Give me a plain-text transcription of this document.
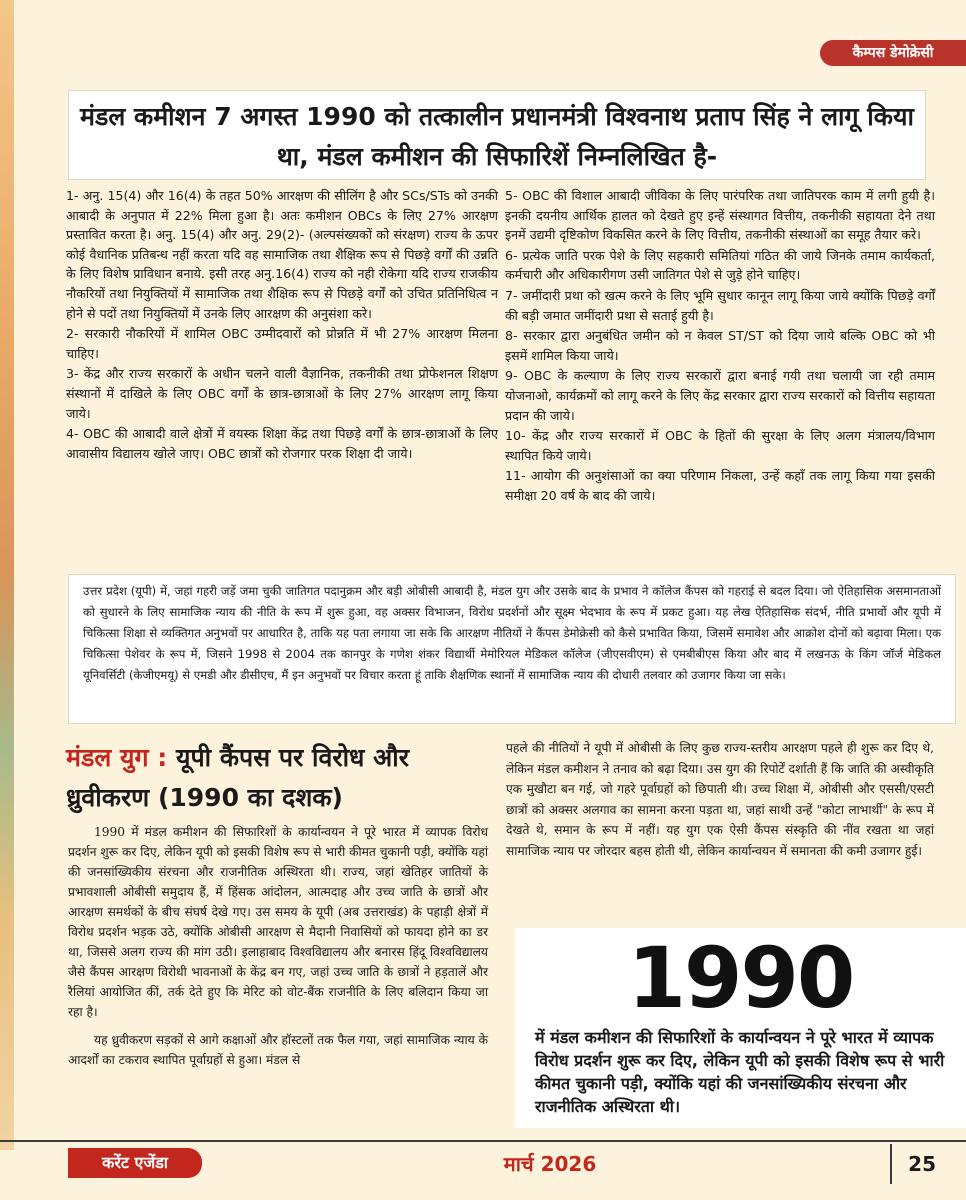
कैम्पस डेमोक्रेसी
मंडल कमीशन 7 अगस्त 1990 को तत्कालीन प्रधानमंत्री विश्वनाथ प्रताप सिंह ने लागू किया था, मंडल कमीशन की सिफारिशें निम्नलिखित है-

1- अनु. 15(4) और 16(4) के तहत 50% आरक्षण की सीलिंग है और SCs/STs को उनकी आबादी के अनुपात में 22% मिला हुआ है। अतः कमीशन OBCs के लिए 27% आरक्षण प्रस्तावित करता है। अनु. 15(4) और अनु. 29(2)- (अल्पसंख्यकों को संरक्षण) राज्य के ऊपर कोई वैधानिक प्रतिबन्ध नहीं करता यदि वह सामाजिक तथा शैक्षिक रूप से पिछड़े वर्गों की उन्नति के लिए विशेष प्राविधान बनाये. इसी तरह अनु.16(4) राज्य को नही रोकेगा यदि राज्य राजकीय नौकरियों तथा नियुक्तियों में सामाजिक तथा शैक्षिक रूप से पिछड़े वर्गों को उचित प्रतिनिधित्व न होने से पदों तथा नियुक्तियों में उनके लिए आरक्षण की अनुसंशा करे।

2- सरकारी नौकरियों में शामिल OBC उम्मीदवारों को प्रोन्नति में भी 27% आरक्षण मिलना चाहिए।

3- केंद्र और राज्य सरकारों के अधीन चलने वाली वैज्ञानिक, तकनीकी तथा प्रोफेशनल शिक्षण संस्थानों में दाखिले के लिए OBC वर्गों के छात्र-छात्राओं के लिए 27% आरक्षण लागू किया जाये।

4- OBC की आबादी वाले क्षेत्रों में वयस्क शिक्षा केंद्र तथा पिछड़े वर्गों के छात्र-छात्राओं के लिए आवासीय विद्यालय खोले जाए। OBC छात्रों को रोजगार परक शिक्षा दी जाये।

5- OBC की विशाल आबादी जीविका के लिए पारंपरिक तथा जातिपरक काम में लगी हुयी है। इनकी दयनीय आर्थिक हालत को देखते हुए इन्हें संस्थागत वित्तीय, तकनीकी सहायता देने तथा इनमें उद्यमी दृष्टिकोण विकसित करने के लिए वित्तीय, तकनीकी संस्थाओं का समूह तैयार करे।

6- प्रत्येक जाति परक पेशे के लिए सहकारी समितियां गठित की जाये जिनके तमाम कार्यकर्ता, कर्मचारी और अधिकारीगण उसी जातिगत पेशे से जुड़े होने चाहिए।

7- जमींदारी प्रथा को खत्म करने के लिए भूमि सुधार कानून लागू किया जाये क्योंकि पिछड़े वर्गों की बड़ी जमात जमींदारी प्रथा से सताई हुयी है।

8- सरकार द्वारा अनुबंधित जमीन को न केवल ST/ST को दिया जाये बल्कि OBC को भी इसमें शामिल किया जाये।

9- OBC के कल्याण के लिए राज्य सरकारों द्वारा बनाई गयी तथा चलायी जा रही तमाम योजनाओ, कार्यक्रमों को लागू करने के लिए केंद्र सरकार द्वारा राज्य सरकारों को वित्तीय सहायता प्रदान की जाये।

10- केंद्र और राज्य सरकारों में OBC के हितों की सुरक्षा के लिए अलग मंत्रालय/विभाग स्थापित किये जाये।

11- आयोग की अनुशंसाओं का क्या परिणाम निकला, उन्हें कहाँ तक लागू किया गया इसकी समीक्षा 20 वर्ष के बाद की जाये।

उत्तर प्रदेश (यूपी) में, जहां गहरी जड़ें जमा चुकी जातिगत पदानुक्रम और बड़ी ओबीसी आबादी है, मंडल युग और उसके बाद के प्रभाव ने कॉलेज कैंपस को गहराई से बदल दिया। जो ऐतिहासिक असमानताओं को सुधारने के लिए सामाजिक न्याय की नीति के रूप में शुरू हुआ, वह अक्सर विभाजन, विरोध प्रदर्शनों और सूक्ष्म भेदभाव के रूप में प्रकट हुआ। यह लेख ऐतिहासिक संदर्भ, नीति प्रभावों और यूपी में चिकित्सा शिक्षा से व्यक्तिगत अनुभवों पर आधारित है, ताकि यह पता लगाया जा सके कि आरक्षण नीतियों ने कैंपस डेमोक्रेसी को कैसे प्रभावित किया, जिसमें समावेश और आक्रोश दोनों को बढ़ावा मिला। एक चिकित्सा पेशेवर के रूप में, जिसने 1998 से 2004 तक कानपुर के गणेश शंकर विद्यार्थी मेमोरियल मेडिकल कॉलेज (जीएसवीएम) से एमबीबीएस किया और बाद में लखनऊ के किंग जॉर्ज मेडिकल यूनिवर्सिटी (केजीएमयू) से एमडी और डीसीएच, मैं इन अनुभवों पर विचार करता हूं ताकि शैक्षणिक स्थानों में सामाजिक न्याय की दोधारी तलवार को उजागर किया जा सके।
मंडल युग : यूपी कैंपस पर विरोध और ध्रुवीकरण (1990 का दशक)

1990 में मंडल कमीशन की सिफारिशों के कार्यान्वयन ने पूरे भारत में व्यापक विरोध प्रदर्शन शुरू कर दिए, लेकिन यूपी को इसकी विशेष रूप से भारी कीमत चुकानी पड़ी, क्योंकि यहां की जनसांख्यिकीय संरचना और राजनीतिक अस्थिरता थी। राज्य, जहां खेतिहर जातियों के प्रभावशाली ओबीसी समुदाय हैं, में हिंसक आंदोलन, आत्मदाह और उच्च जाति के छात्रों और आरक्षण समर्थकों के बीच संघर्ष देखे गए। उस समय के यूपी (अब उत्तराखंड) के पहाड़ी क्षेत्रों में विरोध प्रदर्शन भड़क उठे, क्योंकि ओबीसी आरक्षण से मैदानी निवासियों को फायदा होने का डर था, जिससे अलग राज्य की मांग उठी। इलाहाबाद विश्वविद्यालय और बनारस हिंदू विश्वविद्यालय जैसे कैंपस आरक्षण विरोधी भावनाओं के केंद्र बन गए, जहां उच्च जाति के छात्रों ने हड़तालें और रैलियां आयोजित कीं, तर्क देते हुए कि मेरिट को वोट-बैंक राजनीति के लिए बलिदान किया जा रहा है।

यह ध्रुवीकरण सड़कों से आगे कक्षाओं और हॉस्टलों तक फैल गया, जहां सामाजिक न्याय के आदर्शों का टकराव स्थापित पूर्वाग्रहों से हुआ। मंडल से

पहले की नीतियों ने यूपी में ओबीसी के लिए कुछ राज्य-स्तरीय आरक्षण पहले ही शुरू कर दिए थे, लेकिन मंडल कमीशन ने तनाव को बढ़ा दिया। उस युग की रिपोर्टें दर्शाती हैं कि जाति की अस्वीकृति एक मुखौटा बन गई, जो गहरे पूर्वाग्रहों को छिपाती थी। उच्च शिक्षा में, ओबीसी और एससी/एसटी छात्रों को अक्सर अलगाव का सामना करना पड़ता था, जहां साथी उन्हें "कोटा लाभार्थी" के रूप में देखते थे, समान के रूप में नहीं। यह युग एक ऐसी कैंपस संस्कृति की नींव रखता था जहां सामाजिक न्याय पर जोरदार बहस होती थी, लेकिन कार्यान्वयन में समानता की कमी उजागर हुई।
1990
में मंडल कमीशन की सिफारिशों के कार्यान्वयन ने पूरे भारत में व्यापक विरोध प्रदर्शन शुरू कर दिए, लेकिन यूपी को इसकी विशेष रूप से भारी कीमत चुकानी पड़ी, क्योंकि यहां की जनसांख्यिकीय संरचना और राजनीतिक अस्थिरता थी।
करेंट एजेंडा	मार्च 2026	25
